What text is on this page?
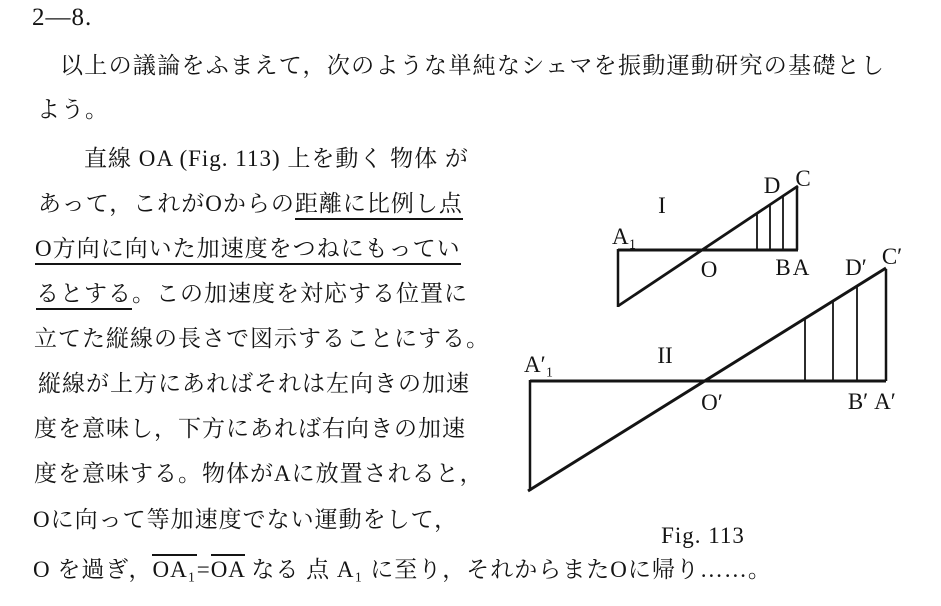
2—8.
以上の議論をふまえて，次のような単純なシェマを振動運動研究の基礎とし
よう。
直線 OA (Fig. 113) 上を動く 物体 が
あって，これがOからの距離に比例し点
O方向に向いた加速度をつねにもってい
るとする。この加速度を対応する位置に
立てた縦線の長さで図示することにする。
縦線が上方にあればそれは左向きの加速
度を意味し，下方にあれば右向きの加速
度を意味する。物体がAに放置されると，
Oに向って等加速度でない運動をして，
O を過ぎ，OA₁=OA なる 点 A₁ に至り，それからまたOに帰り……。
I
A₁
O	B A
D C
II
A′₁
O′	B′ A′
D′ C′
Fig. 113
